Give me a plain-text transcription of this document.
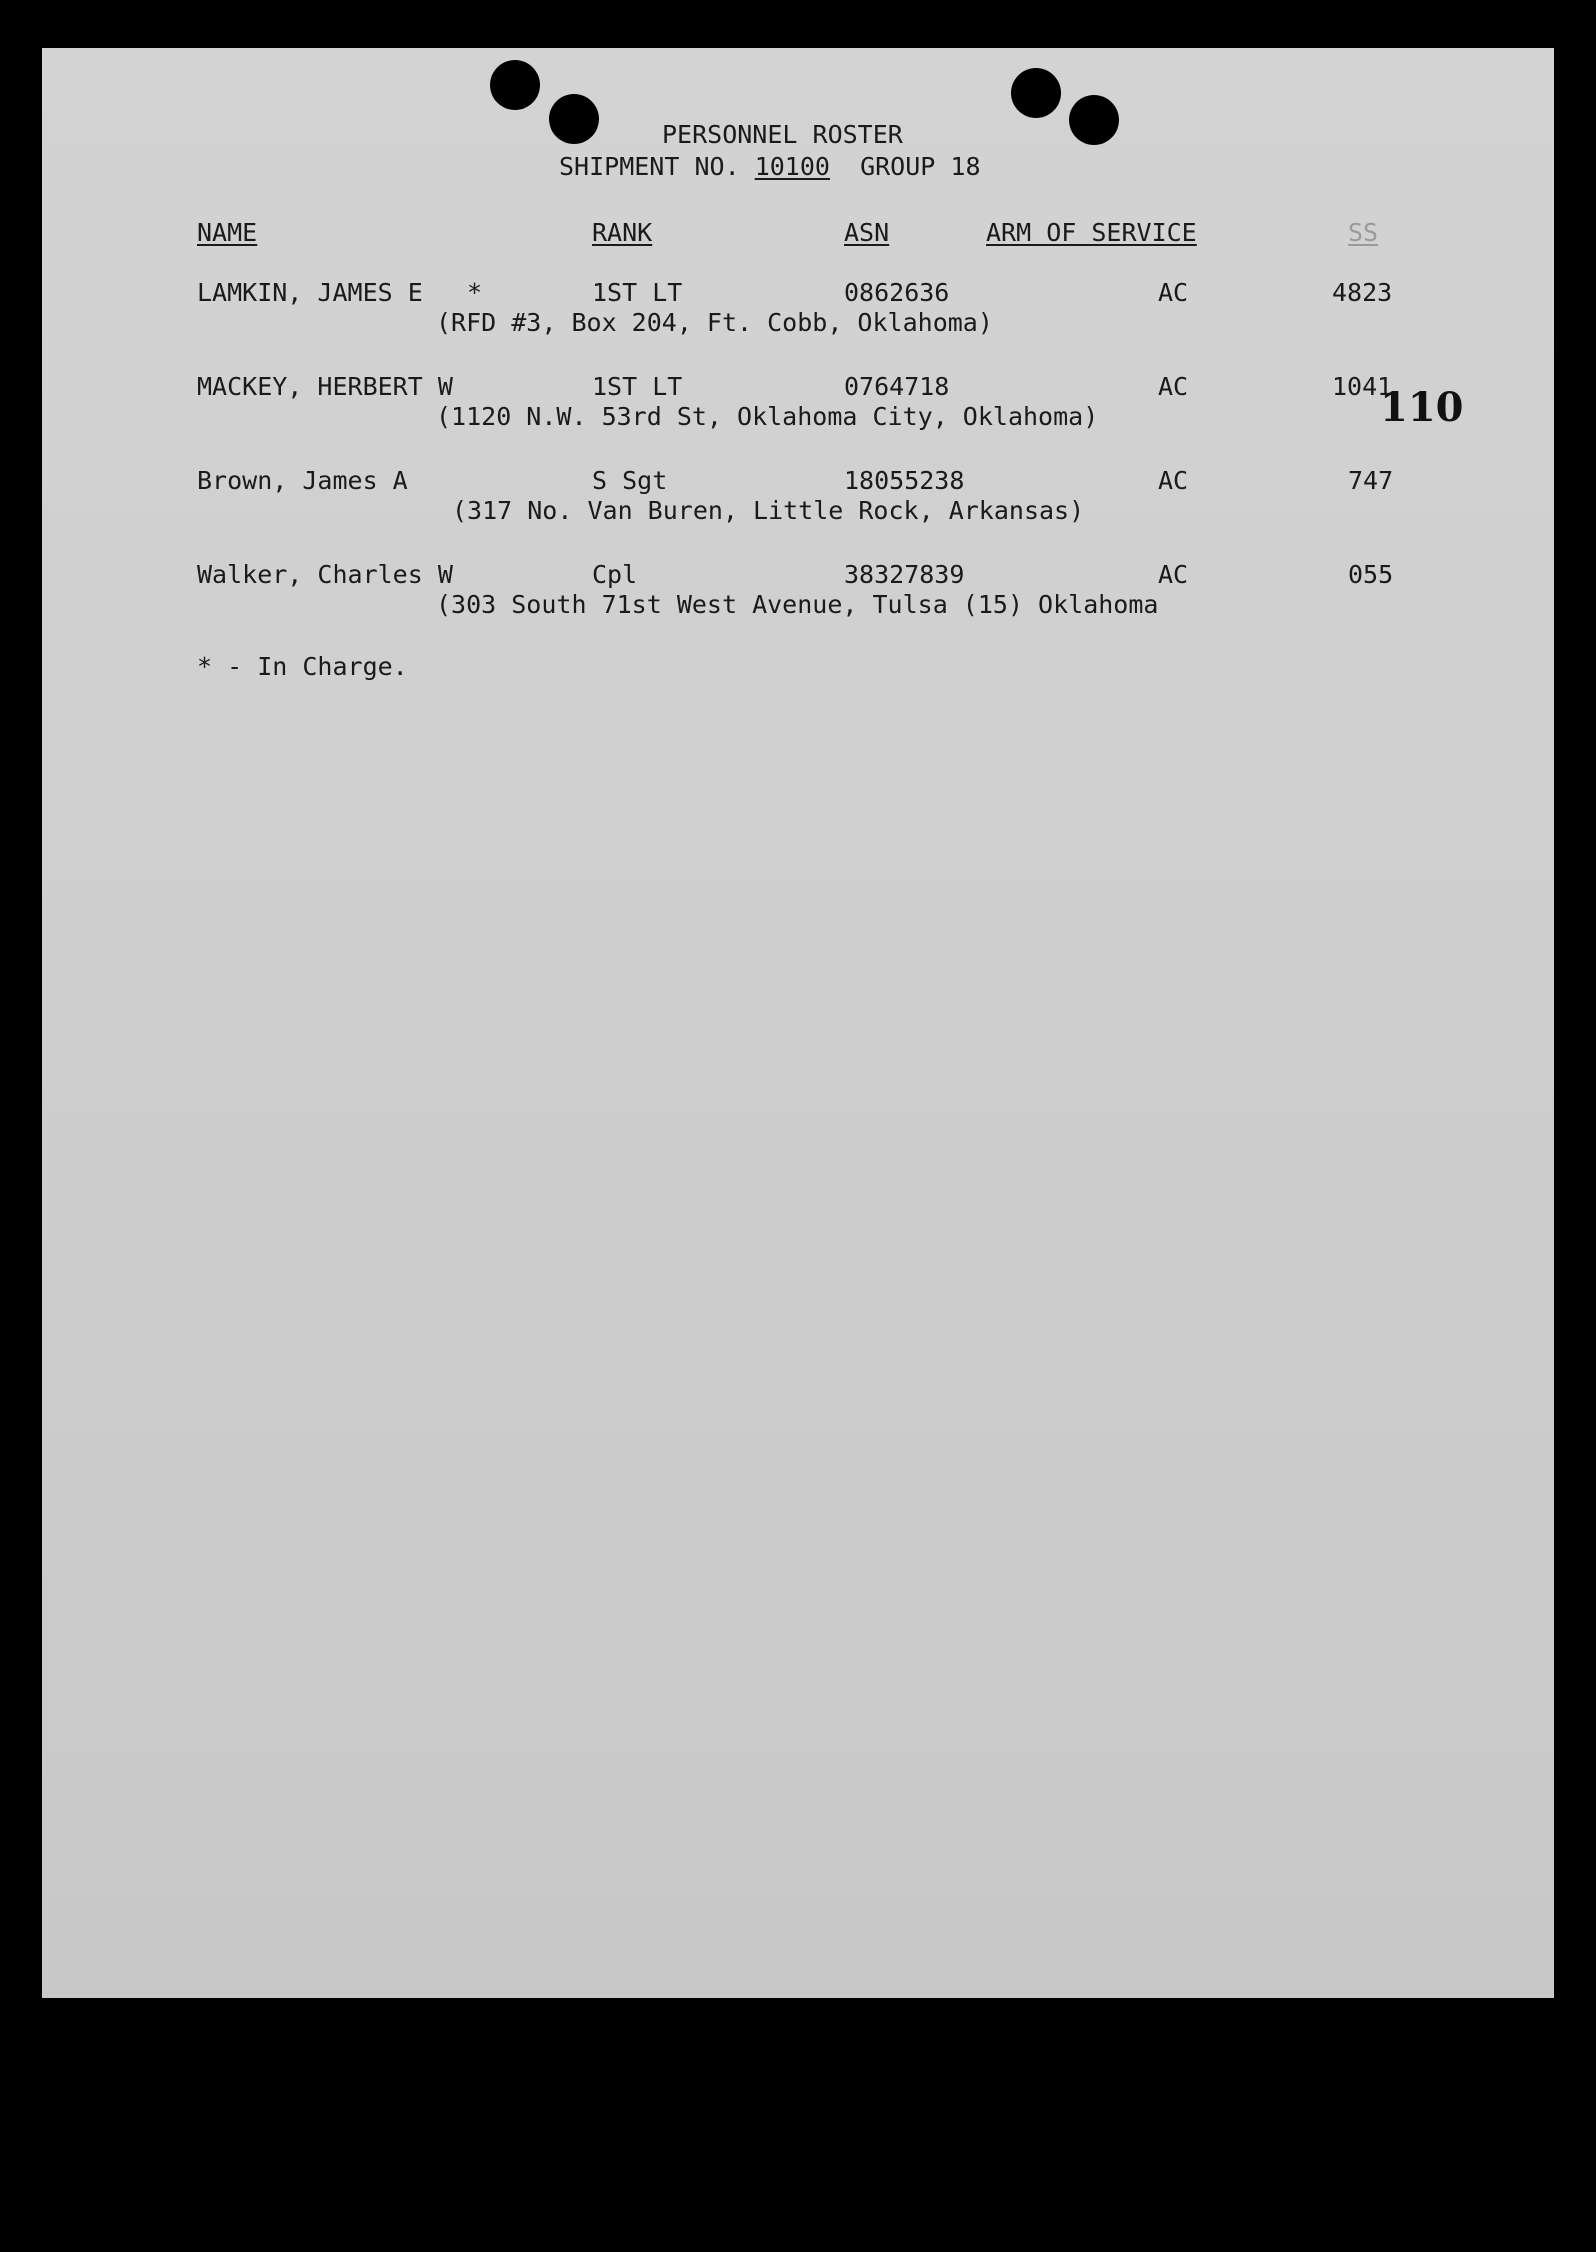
PERSONNEL ROSTER
SHIPMENT NO. 10100 GROUP 18
NAME	RANK	ASN	ARM OF SERVICE	SS
LAMKIN, JAMES E *	1ST LT	0862636	AC	4823
(RFD #3, Box 204, Ft. Cobb, Oklahoma)
MACKEY, HERBERT W	1ST LT	0764718	AC	1041
(1120 N.W. 53rd St, Oklahoma City, Oklahoma)
Brown, James A	S Sgt	18055238	AC	747
(317 No. Van Buren, Little Rock, Arkansas)
Walker, Charles W	Cpl	38327839	AC	055
(303 South 71st West Avenue, Tulsa (15) Oklahoma
110
* - In Charge.
